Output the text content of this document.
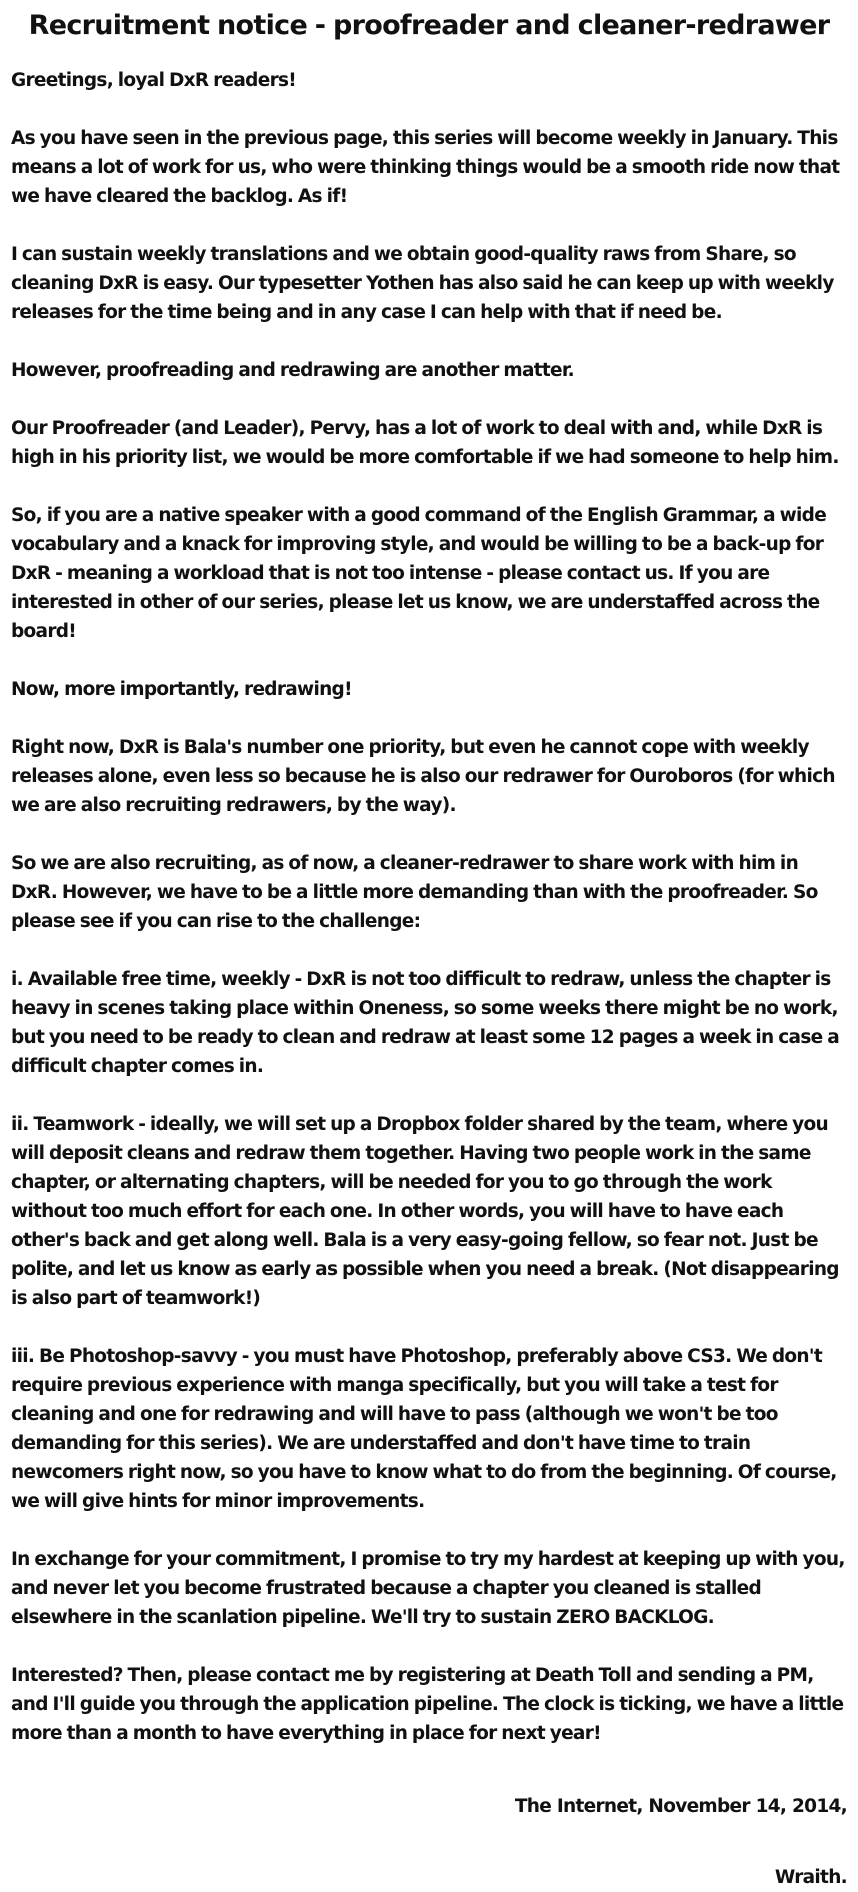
Recruitment notice - proofreader and cleaner-redrawer

Greetings, loyal DxR readers!

As you have seen in the previous page, this series will become weekly in January. This means a lot of work for us, who were thinking things would be a smooth ride now that we have cleared the backlog. As if!

I can sustain weekly translations and we obtain good-quality raws from Share, so cleaning DxR is easy. Our typesetter Yothen has also said he can keep up with weekly releases for the time being and in any case I can help with that if need be.

However, proofreading and redrawing are another matter.

Our Proofreader (and Leader), Pervy, has a lot of work to deal with and, while DxR is high in his priority list, we would be more comfortable if we had someone to help him.

So, if you are a native speaker with a good command of the English Grammar, a wide vocabulary and a knack for improving style, and would be willing to be a back-up for DxR - meaning a workload that is not too intense - please contact us. If you are interested in other of our series, please let us know, we are understaffed across the board!

Now, more importantly, redrawing!

Right now, DxR is Bala's number one priority, but even he cannot cope with weekly releases alone, even less so because he is also our redrawer for Ouroboros (for which we are also recruiting redrawers, by the way).

So we are also recruiting, as of now, a cleaner-redrawer to share work with him in DxR. However, we have to be a little more demanding than with the proofreader. So please see if you can rise to the challenge:

i. Available free time, weekly - DxR is not too difficult to redraw, unless the chapter is heavy in scenes taking place within Oneness, so some weeks there might be no work, but you need to be ready to clean and redraw at least some 12 pages a week in case a difficult chapter comes in.

ii. Teamwork - ideally, we will set up a Dropbox folder shared by the team, where you will deposit cleans and redraw them together. Having two people work in the same chapter, or alternating chapters, will be needed for you to go through the work without too much effort for each one. In other words, you will have to have each other's back and get along well. Bala is a very easy-going fellow, so fear not. Just be polite, and let us know as early as possible when you need a break. (Not disappearing is also part of teamwork!)

iii. Be Photoshop-savvy - you must have Photoshop, preferably above CS3. We don't require previous experience with manga specifically, but you will take a test for cleaning and one for redrawing and will have to pass (although we won't be too demanding for this series). We are understaffed and don't have time to train newcomers right now, so you have to know what to do from the beginning. Of course, we will give hints for minor improvements.

In exchange for your commitment, I promise to try my hardest at keeping up with you, and never let you become frustrated because a chapter you cleaned is stalled elsewhere in the scanlation pipeline. We'll try to sustain ZERO BACKLOG.

Interested? Then, please contact me by registering at Death Toll and sending a PM, and I'll guide you through the application pipeline. The clock is ticking, we have a little more than a month to have everything in place for next year!

The Internet, November 14, 2014,

Wraith.
